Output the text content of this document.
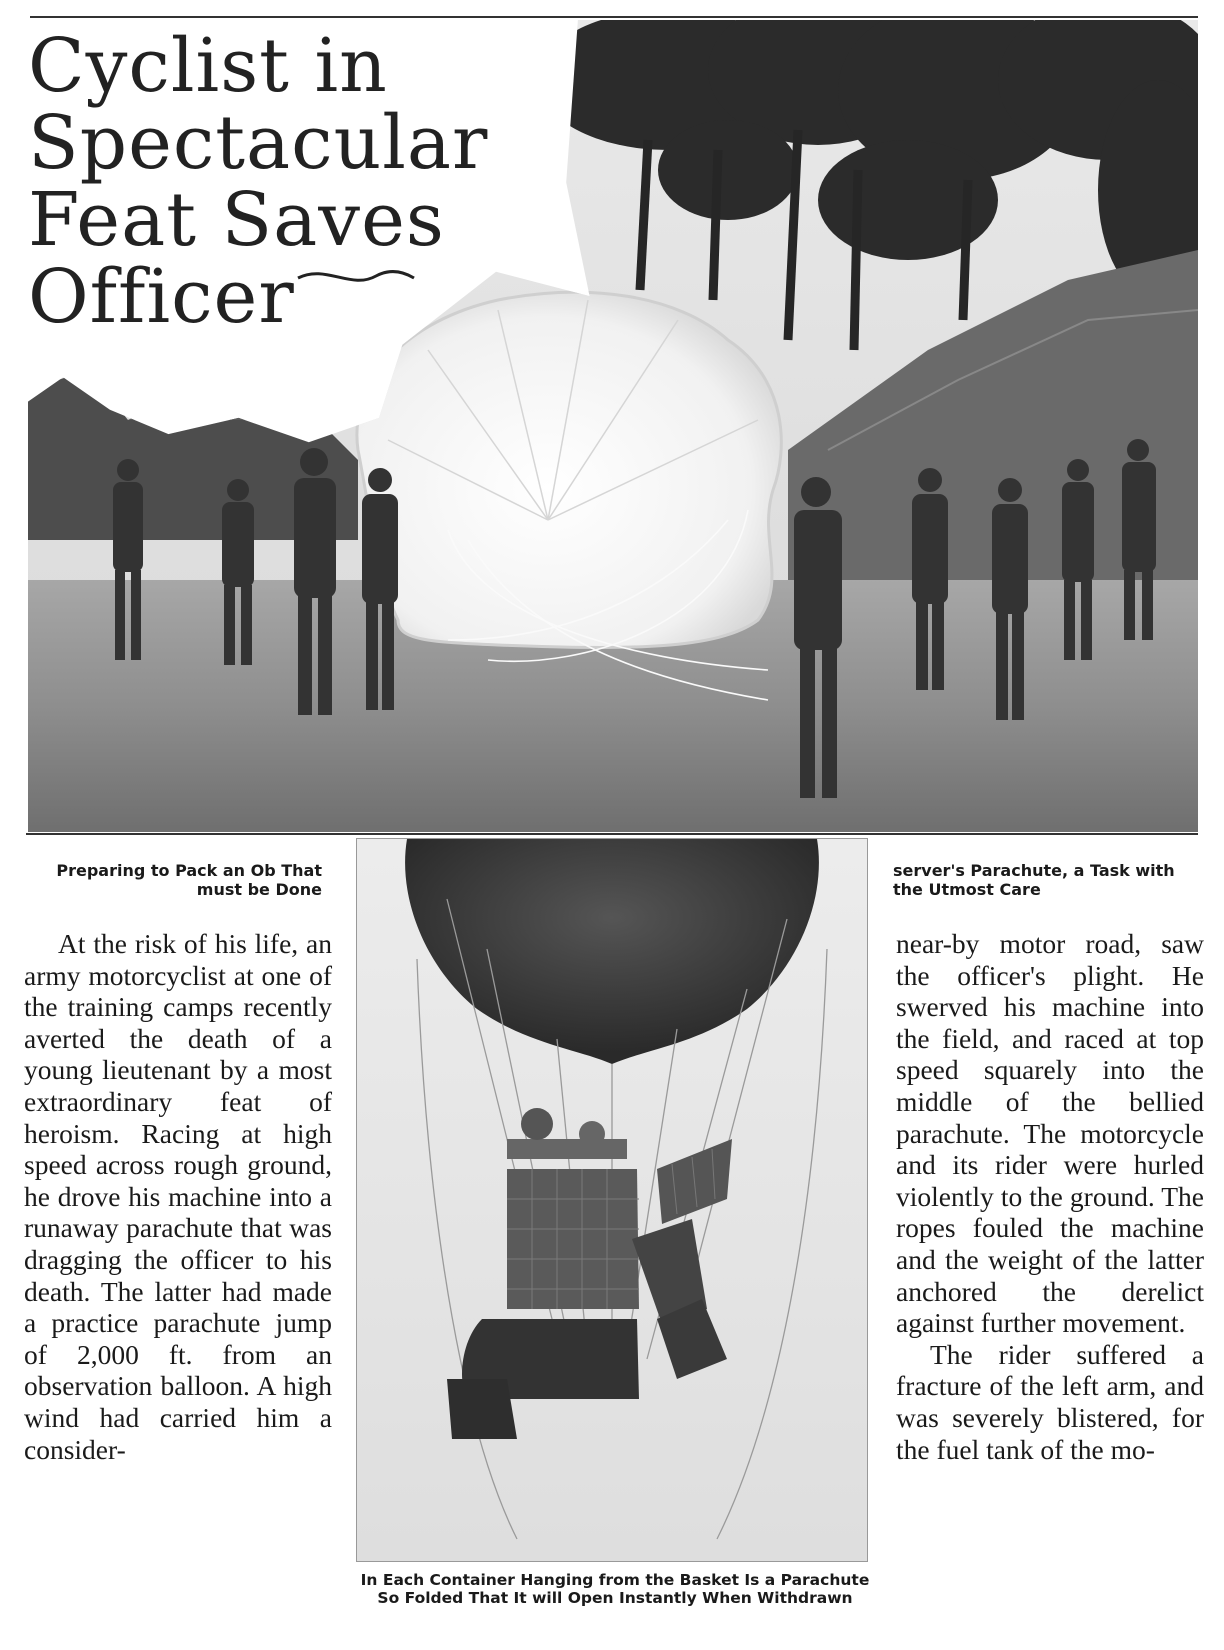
Cyclist in
Spectacular
Feat Saves
Officer
Preparing to Pack an Ob That must be Done
server's Parachute, a Task with the Utmost Care

At the risk of his life, an army motorcyclist at one of the training camps recently averted the death of a young lieutenant by a most extraordinary feat of heroism. Racing at high speed across rough ground, he drove his machine into a runaway parachute that was dragging the officer to his death. The latter had made a practice parachute jump of 2,000 ft. from an observation balloon. A high wind had carried him a consider-

In Each Container Hanging from the Basket Is a Parachute So Folded That It will Open Instantly When Withdrawn

near-by motor road, saw the officer's plight. He swerved his machine into the field, and raced at top speed squarely into the middle of the bellied parachute. The motorcycle and its rider were hurled violently to the ground. The ropes fouled the machine and the weight of the latter anchored the derelict against further movement.

The rider suffered a fracture of the left arm, and was severely blistered, for the fuel tank of the mo-
